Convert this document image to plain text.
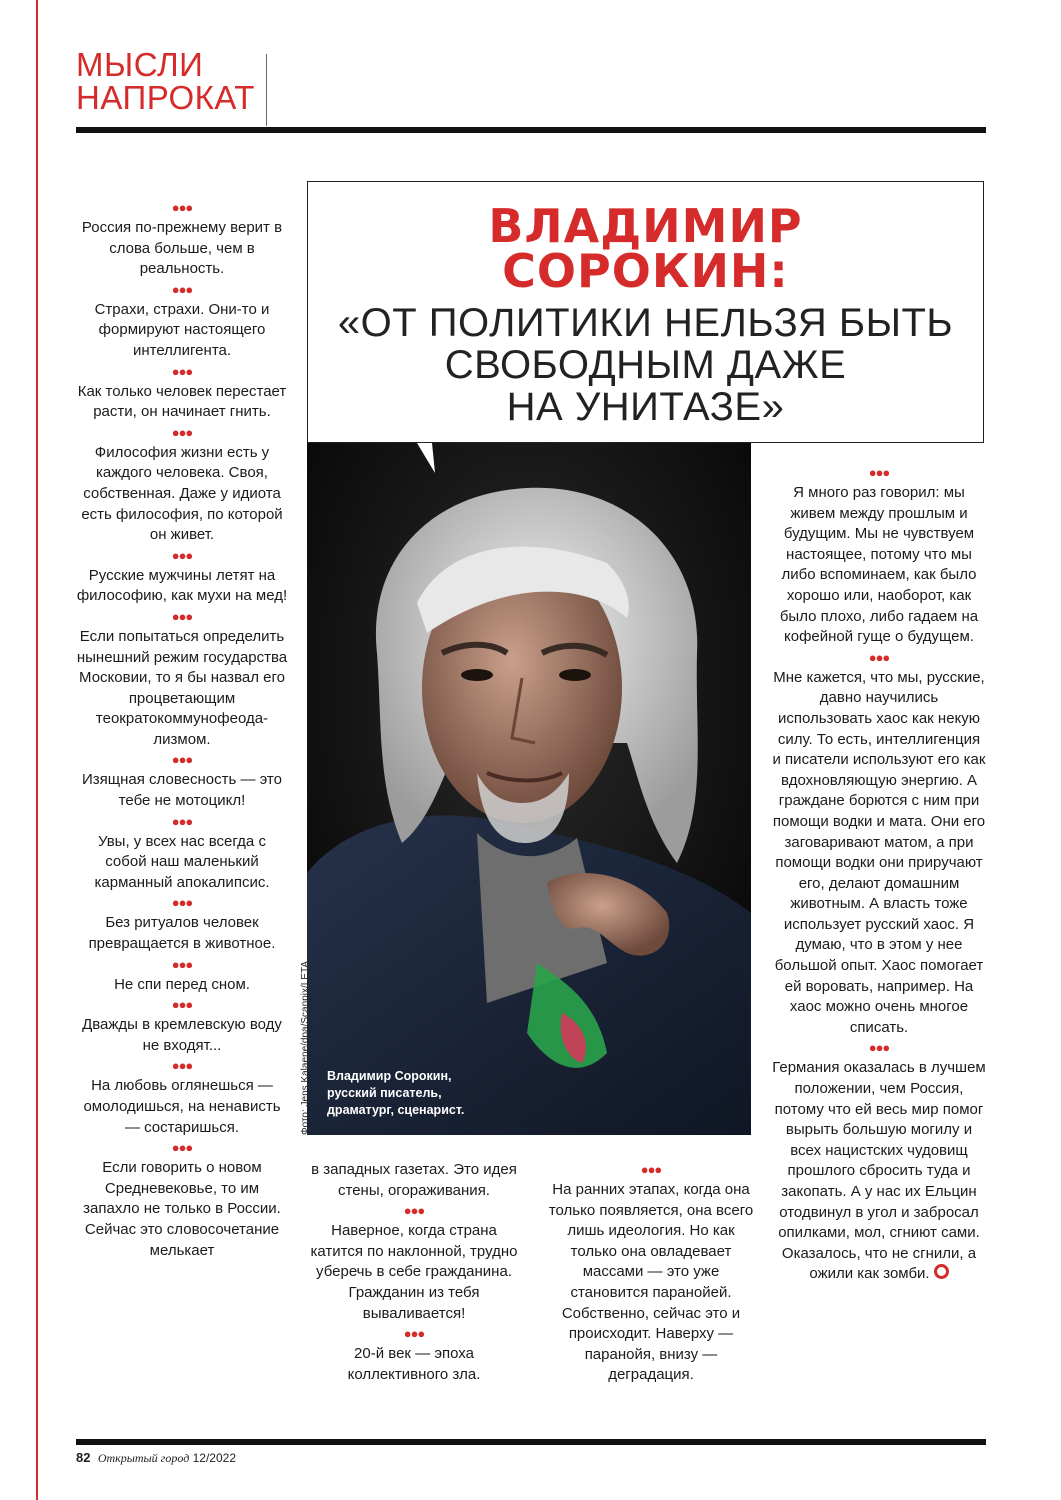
МЫСЛИ
НАПРОКАТ
●●●

Россия по-прежнему верит в слова больше, чем в реальность.

●●●

Страхи, страхи. Они-то и формируют настоящего интеллигента.

●●●

Как только человек перестает расти, он начинает гнить.

●●●

Философия жизни есть у каждого человека. Своя, собственная. Даже у идиота есть философия, по которой он живет.

●●●

Русские мужчины летят на философию, как мухи на мед!

●●●

Если попытаться определить нынешний режим государства Московии, то я бы назвал его процветающим теократокоммунофеода-лизмом.

●●●

Изящная словесность — это тебе не мотоцикл!

●●●

Увы, у всех нас всегда с собой наш маленький карманный апокалипсис.

●●●

Без ритуалов человек превращается в животное.

●●●

Не спи перед сном.

●●●

Дважды в кремлевскую воду не входят...

●●●

На любовь оглянешься — омолодишься, на ненависть — состаришься.

●●●

Если говорить о новом Средневековье, то им запахло не только в России. Сейчас это словосочетание мелькает

ВЛАДИМИР
СОРОКИН:
«ОТ ПОЛИТИКИ НЕЛЬЗЯ БЫТЬ
СВОБОДНЫМ ДАЖЕ
НА УНИТАЗЕ»
Владимир Сорокин,
русский писатель,
драматург, сценарист.
Фото: Jens Kalaene/dpa/Scanpix/LETA

в западных газетах. Это идея стены, огораживания.

●●●

Наверное, когда страна катится по наклонной, трудно уберечь в себе гражданина. Гражданин из тебя вываливается!

●●●

20-й век — эпоха коллективного зла.

●●●

На ранних этапах, когда она только появляется, она всего лишь идеология. Но как только она овладевает массами — это уже становится паранойей. Собственно, сейчас это и происходит. Наверху — паранойя, внизу — деградация.

●●●

Я много раз говорил: мы живем между прошлым и будущим. Мы не чувствуем настоящее, потому что мы либо вспоминаем, как было хорошо или, наоборот, как было плохо, либо гадаем на кофейной гуще о будущем.

●●●

Мне кажется, что мы, русские, давно научились использовать хаос как некую силу. То есть, интеллигенция и писатели используют его как вдохновляющую энергию. А граждане борются с ним при помощи водки и мата. Они его заговаривают матом, а при помощи водки они приручают его, делают домашним животным. А власть тоже использует русский хаос. Я думаю, что в этом у нее большой опыт. Хаос помогает ей воровать, например. На хаос можно очень многое списать.

●●●

Германия оказалась в лучшем положении, чем Россия, потому что ей весь мир помог вырыть большую могилу и всех нацистских чудовищ прошлого сбросить туда и закопать. А у нас их Ельцин отодвинул в угол и забросал опилками, мол, сгниют сами. Оказалось, что не сгнили, а ожили как зомби.

82 Открытый город 12/2022
